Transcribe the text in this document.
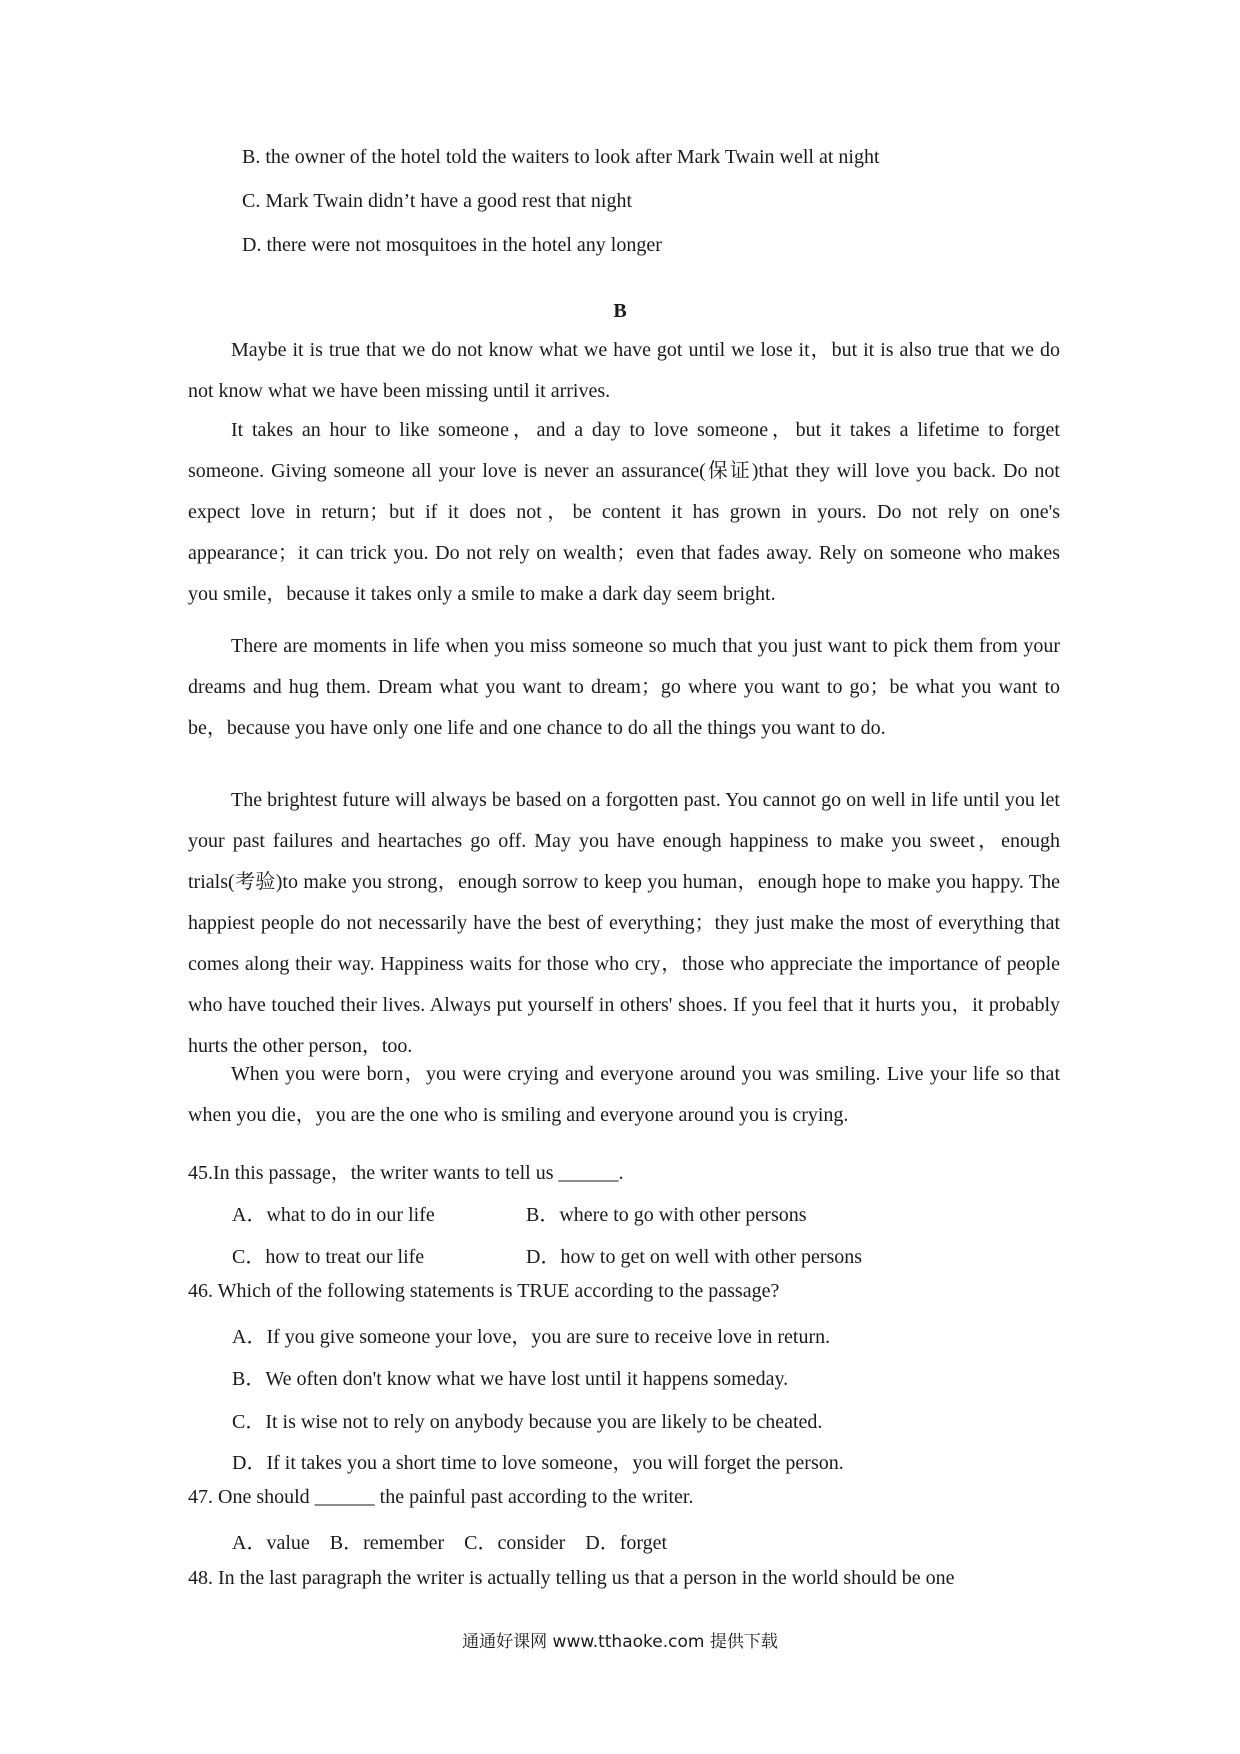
B. the owner of the hotel told the waiters to look after Mark Twain well at night
C. Mark Twain didn’t have a good rest that night
D. there were not mosquitoes in the hotel any longer
B
Maybe it is true that we do not know what we have got until we lose it，but it is also true that we do not know what we have been missing until it arrives.
It takes an hour to like someone，and a day to love someone，but it takes a lifetime to forget someone. Giving someone all your love is never an assurance(保证)that they will love you back. Do not expect love in return；but if it does not，be content it has grown in yours. Do not rely on one's appearance；it can trick you. Do not rely on wealth；even that fades away. Rely on someone who makes you smile，because it takes only a smile to make a dark day seem bright.
There are moments in life when you miss someone so much that you just want to pick them from your dreams and hug them. Dream what you want to dream；go where you want to go；be what you want to be，because you have only one life and one chance to do all the things you want to do.
The brightest future will always be based on a forgotten past. You cannot go on well in life until you let your past failures and heartaches go off. May you have enough happiness to make you sweet，enough trials(考验)to make you strong，enough sorrow to keep you human，enough hope to make you happy. The happiest people do not necessarily have the best of everything；they just make the most of everything that comes along their way. Happiness waits for those who cry，those who appreciate the importance of people who have touched their lives. Always put yourself in others' shoes. If you feel that it hurts you，it probably hurts the other person，too.
When you were born，you were crying and everyone around you was smiling. Live your life so that when you die，you are the one who is smiling and everyone around you is crying.
45.In this passage，the writer wants to tell us ______.
A．what to do in our life	B．where to go with other persons
C．how to treat our life	D．how to get on well with other persons
46. Which of the following statements is TRUE according to the passage?
A．If you give someone your love，you are sure to receive love in return.
B．We often don't know what we have lost until it happens someday.
C．It is wise not to rely on anybody because you are likely to be cheated.
D．If it takes you a short time to love someone，you will forget the person.
47. One should ______ the painful past according to the writer.
A．value    B．remember    C．consider    D．forget
48. In the last paragraph the writer is actually telling us that a person in the world should be one
通通好课网 www.tthaoke.com 提供下载
